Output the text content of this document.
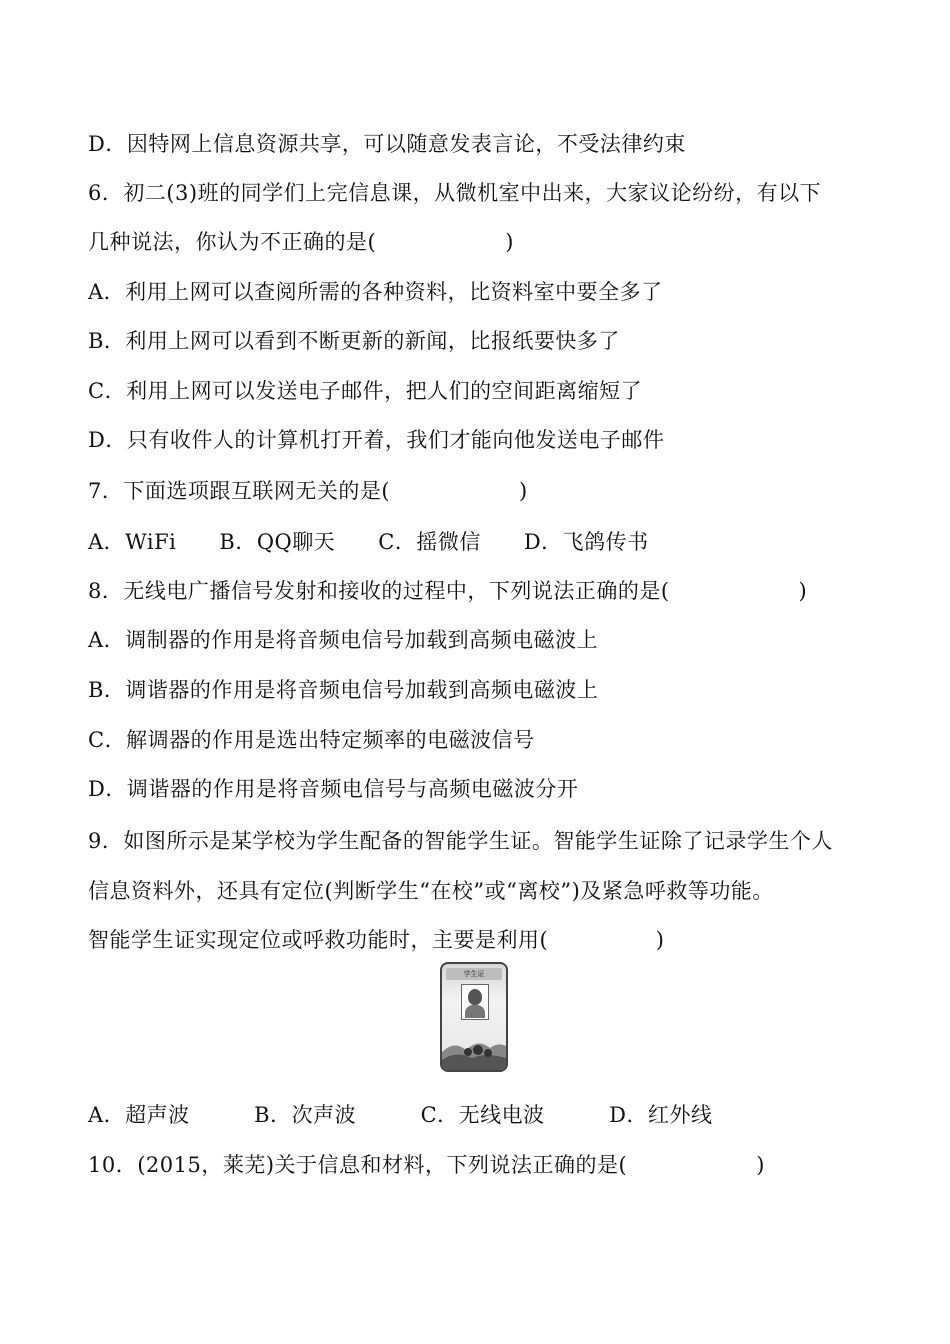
D．因特网上信息资源共享，可以随意发表言论，不受法律约束
6．初二(3)班的同学们上完信息课，从微机室中出来，大家议论纷纷，有以下
几种说法，你认为不正确的是(　　　　　　)
A．利用上网可以查阅所需的各种资料，比资料室中要全多了
B．利用上网可以看到不断更新的新闻，比报纸要快多了
C．利用上网可以发送电子邮件，把人们的空间距离缩短了
D．只有收件人的计算机打开着，我们才能向他发送电子邮件
7．下面选项跟互联网无关的是(　　　　　　)
A．WiFi　　B．QQ聊天　　C．摇微信　　D．飞鸽传书
8．无线电广播信号发射和接收的过程中，下列说法正确的是(　　　　　　)
A．调制器的作用是将音频电信号加载到高频电磁波上
B．调谐器的作用是将音频电信号加载到高频电磁波上
C．解调器的作用是选出特定频率的电磁波信号
D．调谐器的作用是将音频电信号与高频电磁波分开
9．如图所示是某学校为学生配备的智能学生证。智能学生证除了记录学生个人
信息资料外，还具有定位(判断学生“在校”或“离校”)及紧急呼救等功能。
智能学生证实现定位或呼救功能时，主要是利用(　　　　　)
学生证
A．超声波　　　B．次声波　　　C．无线电波　　　D．红外线
10．(2015，莱芜)关于信息和材料，下列说法正确的是(　　　　　　)
